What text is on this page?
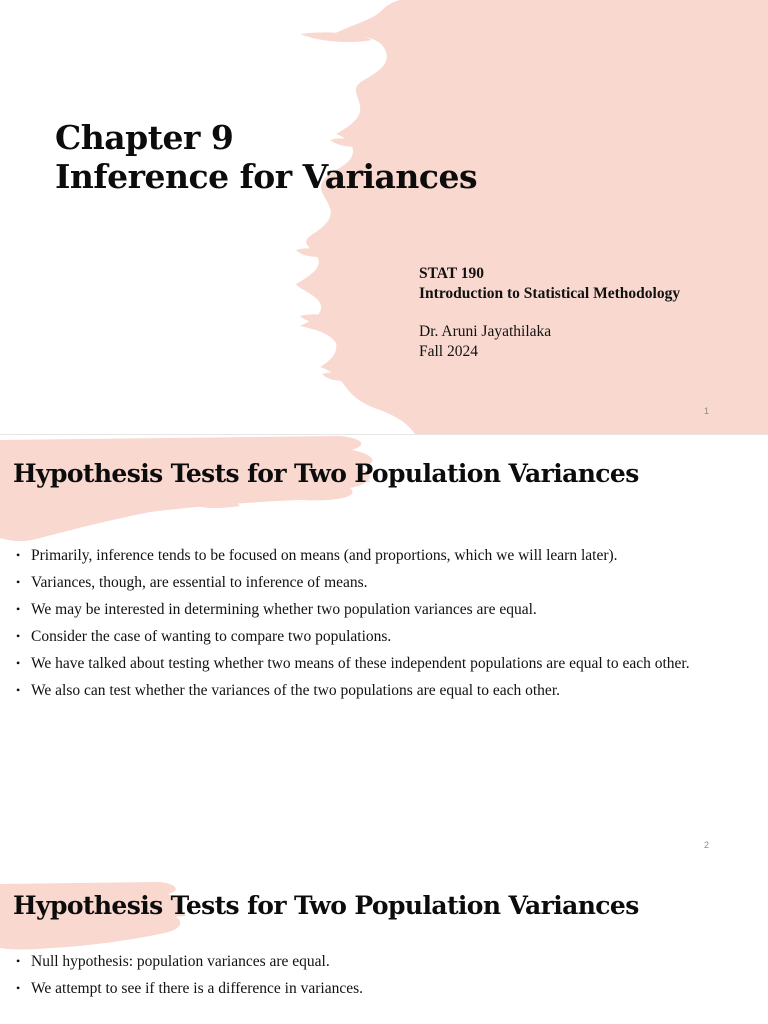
Chapter 9
Inference for Variances
STAT 190
Introduction to Statistical Methodology
Dr. Aruni Jayathilaka
Fall 2024
1
Hypothesis Tests for Two Population Variances
• Primarily, inference tends to be focused on means (and proportions, which we will learn later).
• Variances, though, are essential to inference of means.
• We may be interested in determining whether two population variances are equal.
• Consider the case of wanting to compare two populations.
• We have talked about testing whether two means of these independent populations are equal to each other.
• We also can test whether the variances of the two populations are equal to each other.
2
Hypothesis Tests for Two Population Variances
• Null hypothesis: population variances are equal.
• We attempt to see if there is a difference in variances.
